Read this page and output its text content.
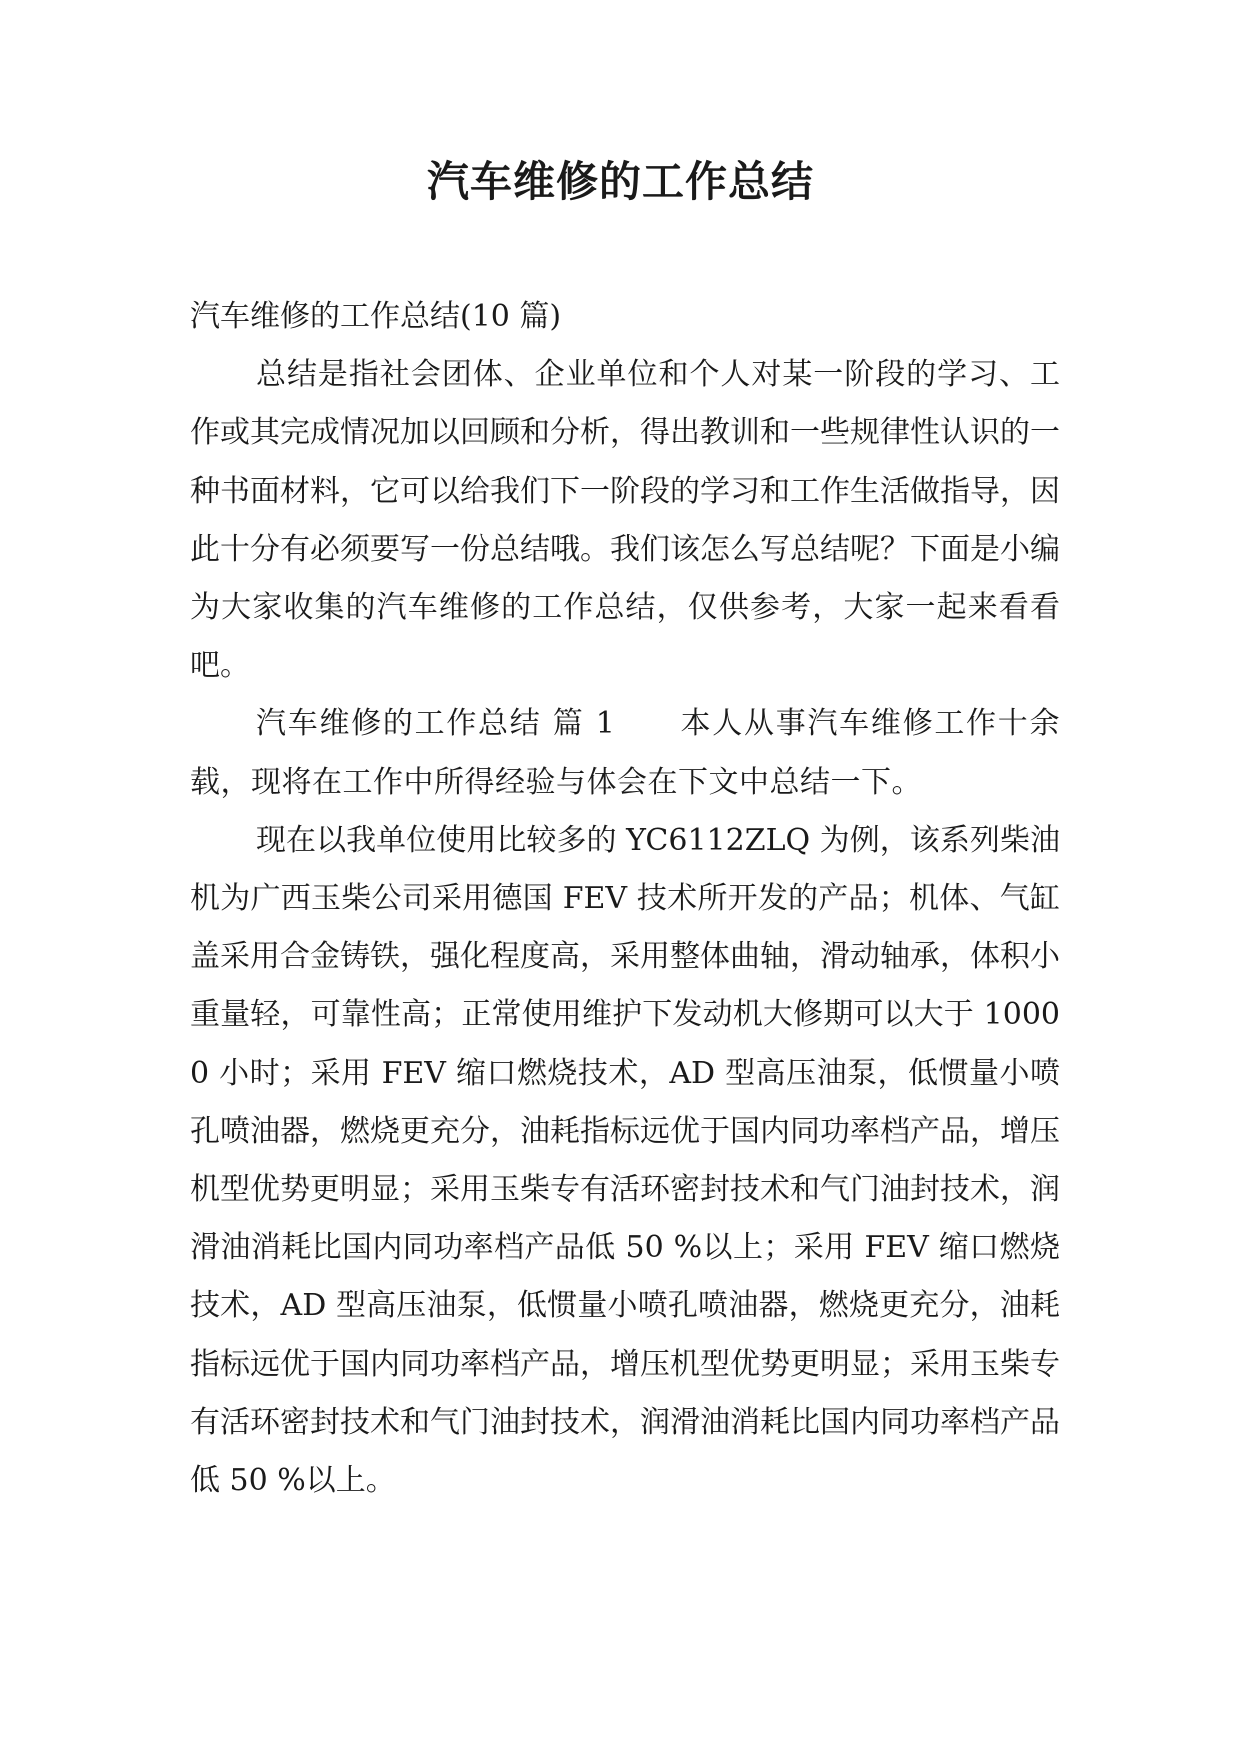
汽车维修的工作总结

汽车维修的工作总结(10 篇)

总结是指社会团体、企业单位和个人对某一阶段的学习、工作或其完成情况加以回顾和分析，得出教训和一些规律性认识的一种书面材料，它可以给我们下一阶段的学习和工作生活做指导，因此十分有必须要写一份总结哦。我们该怎么写总结呢？下面是小编为大家收集的汽车维修的工作总结，仅供参考，大家一起来看看吧。

汽车维修的工作总结 篇 1 本人从事汽车维修工作十余载，现将在工作中所得经验与体会在下文中总结一下。

现在以我单位使用比较多的 YC6112ZLQ 为例，该系列柴油机为广西玉柴公司采用德国 FEV 技术所开发的产品；机体、气缸盖采用合金铸铁，强化程度高，采用整体曲轴，滑动轴承，体积小重量轻，可靠性高；正常使用维护下发动机大修期可以大于 10000 小时；采用 FEV 缩口燃烧技术，AD 型高压油泵，低惯量小喷孔喷油器，燃烧更充分，油耗指标远优于国内同功率档产品，增压机型优势更明显；采用玉柴专有活环密封技术和气门油封技术，润滑油消耗比国内同功率档产品低 50 %以上；采用 FEV 缩口燃烧技术，AD 型高压油泵，低惯量小喷孔喷油器，燃烧更充分，油耗指标远优于国内同功率档产品，增压机型优势更明显；采用玉柴专有活环密封技术和气门油封技术，润滑油消耗比国内同功率档产品低 50 %以上。
